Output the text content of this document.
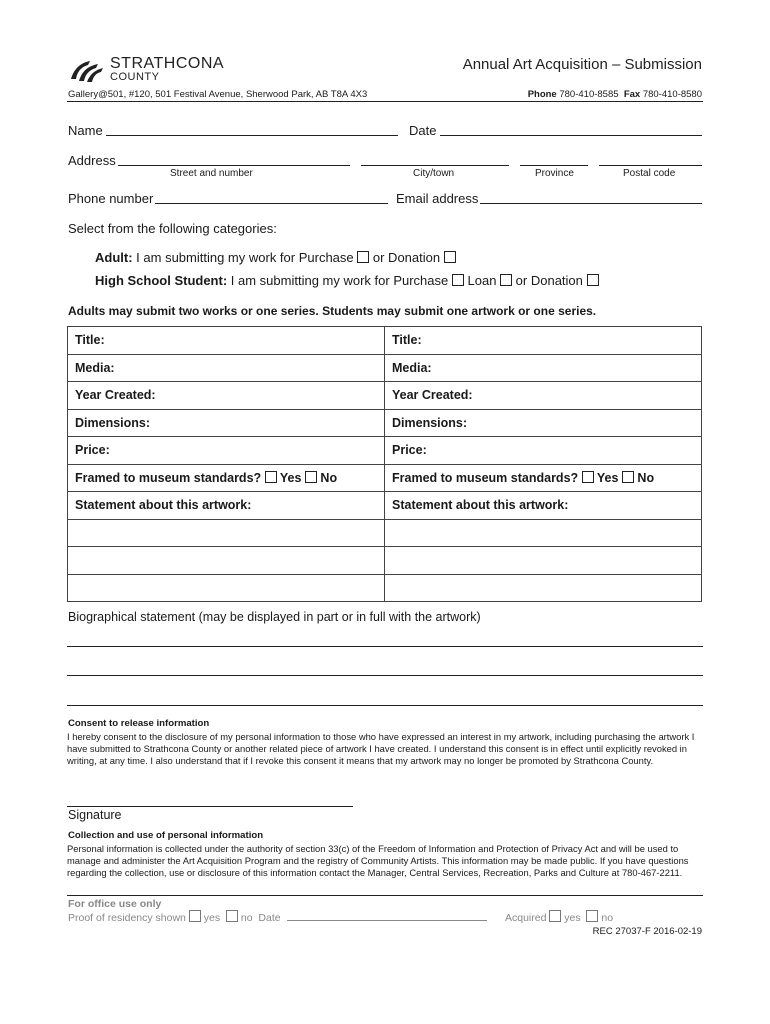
STRATHCONA
COUNTY
Annual Art Acquisition – Submission
Gallery@501, #120, 501 Festival Avenue, Sherwood Park, AB T8A 4X3	Phone 780-410-8585 Fax 780-410-8580
Name	Date
Address
Street and number	City/town	Province	Postal code
Phone number	Email address
Select from the following categories:
Adult: I am submitting my work for Purchase or Donation
High School Student: I am submitting my work for Purchase Loan or Donation
Adults may submit two works or one series. Students may submit one artwork or one series.
Title:	Title:
Media:	Media:
Year Created:	Year Created:
Dimensions:	Dimensions:
Price:	Price:
Framed to museum standards? Yes No	Framed to museum standards? Yes No
Statement about this artwork:	Statement about this artwork:

Biographical statement (may be displayed in part or in full with the artwork)
Consent to release information
I hereby consent to the disclosure of my personal information to those who have expressed an interest in my artwork, including purchasing the artwork I have submitted to Strathcona County or another related piece of artwork I have created. I understand this consent is in effect until explicitly revoked in writing, at any time. I also understand that if I revoke this consent it means that my artwork may no longer be promoted by Strathcona County.
Signature
Collection and use of personal information
Personal information is collected under the authority of section 33(c) of the Freedom of Information and Protection of Privacy Act and will be used to manage and administer the Art Acquisition Program and the registry of Community Artists. This information may be made public. If you have questions regarding the collection, use or disclosure of this information contact the Manager, Central Services, Recreation, Parks and Culture at 780-467-2211.
For office use only
Proof of residency shown yes no Date	Acquired yes no
REC 27037-F 2016-02-19
